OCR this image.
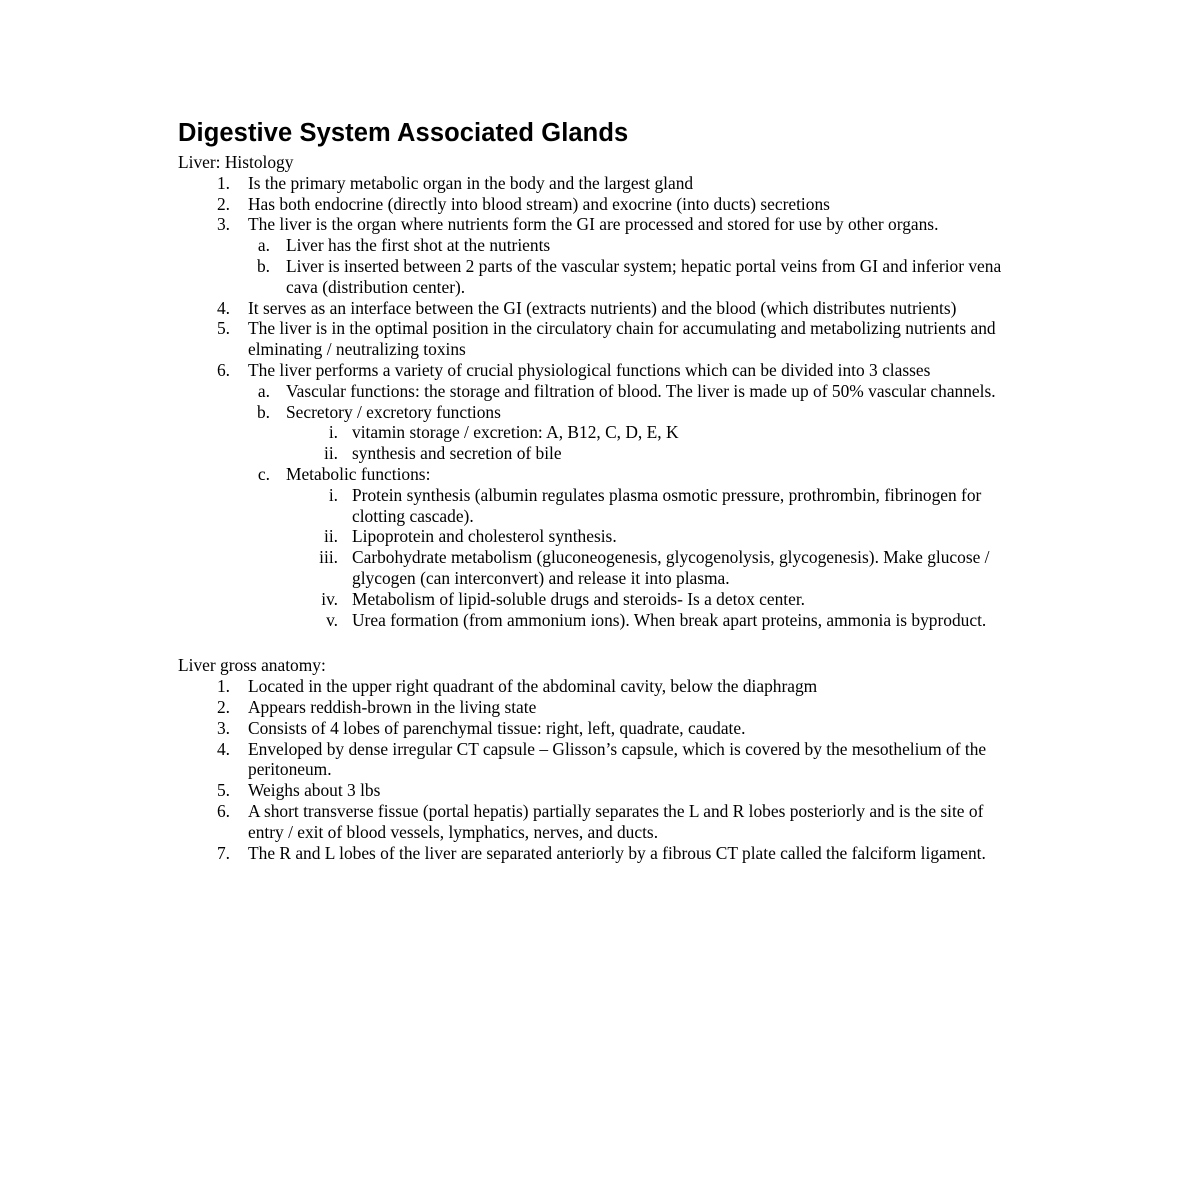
Digestive System Associated Glands
Liver: Histology
1.	Is the primary metabolic organ in the body and the largest gland
2.	Has both endocrine (directly into blood stream) and exocrine (into ducts) secretions
3.	The liver is the organ where nutrients form the GI are processed and stored for use by other organs.
a. Liver has the first shot at the nutrients
b. Liver is inserted between 2 parts of the vascular system; hepatic portal veins from GI and inferior vena cava (distribution center).
4.	It serves as an interface between the GI (extracts nutrients) and the blood (which distributes nutrients)
5.	The liver is in the optimal position in the circulatory chain for accumulating and metabolizing nutrients and elminating / neutralizing toxins
6.	The liver performs a variety of crucial physiological functions which can be divided into 3 classes
a. Vascular functions: the storage and filtration of blood. The liver is made up of 50% vascular channels.
b. Secretory / excretory functions
i. vitamin storage / excretion: A, B12, C, D, E, K
ii. synthesis and secretion of bile
c. Metabolic functions:
i. Protein synthesis (albumin regulates plasma osmotic pressure, prothrombin, fibrinogen for clotting cascade).
ii. Lipoprotein and cholesterol synthesis.
iii. Carbohydrate metabolism (gluconeogenesis, glycogenolysis, glycogenesis). Make glucose / glycogen (can interconvert) and release it into plasma.
iv. Metabolism of lipid-soluble drugs and steroids- Is a detox center.
v. Urea formation (from ammonium ions). When break apart proteins, ammonia is byproduct.
Liver gross anatomy:
1.	Located in the upper right quadrant of the abdominal cavity, below the diaphragm
2.	Appears reddish-brown in the living state
3.	Consists of 4 lobes of parenchymal tissue: right, left, quadrate, caudate.
4.	Enveloped by dense irregular CT capsule – Glisson’s capsule, which is covered by the mesothelium of the peritoneum.
5.	Weighs about 3 lbs
6.	A short transverse fissue (portal hepatis) partially separates the L and R lobes posteriorly and is the site of entry / exit of blood vessels, lymphatics, nerves, and ducts.
7.	The R and L lobes of the liver are separated anteriorly by a fibrous CT plate called the falciform ligament.
